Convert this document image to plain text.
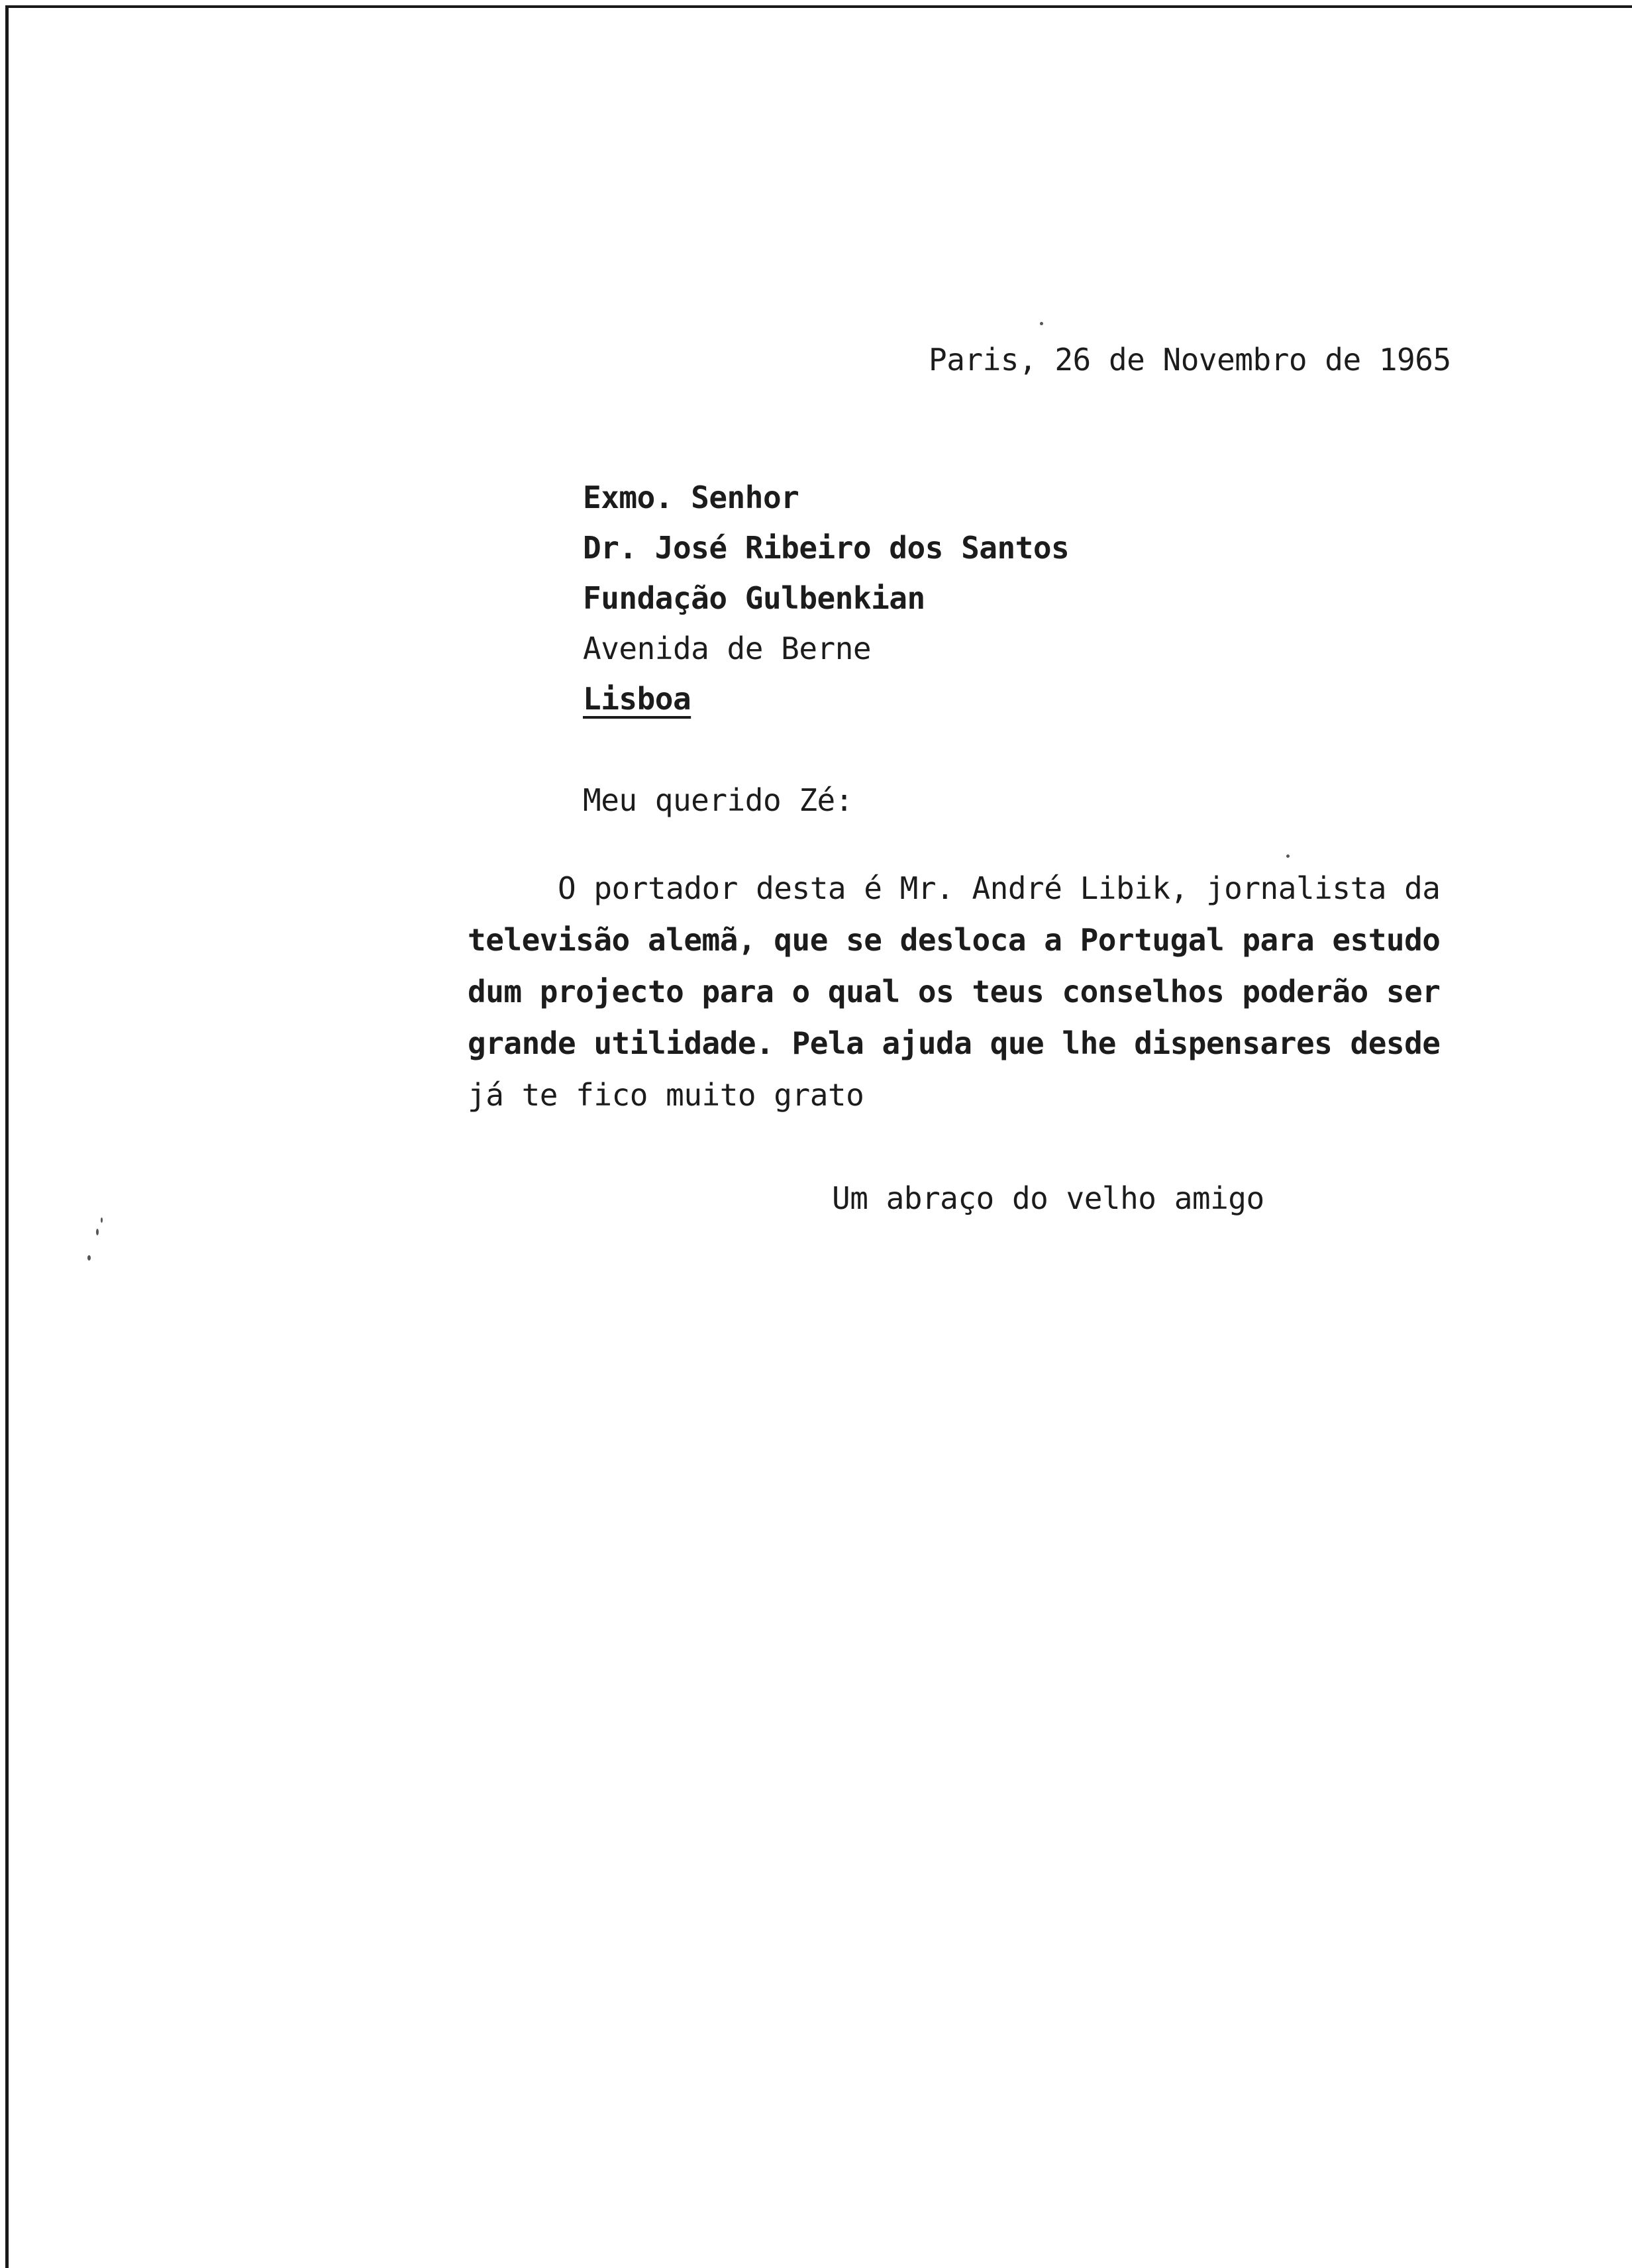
Paris, 26 de Novembro de 1965
Exmo. Senhor
Dr. José Ribeiro dos Santos
Fundação Gulbenkian
Avenida de Berne
Lisboa
Meu querido Zé:
O portador desta é Mr. André Libik, jornalista da
televisão alemã, que se desloca a Portugal para estudo
dum projecto para o qual os teus conselhos poderão ser
grande utilidade. Pela ajuda que lhe dispensares desde
já te fico muito grato
Um abraço do velho amigo
